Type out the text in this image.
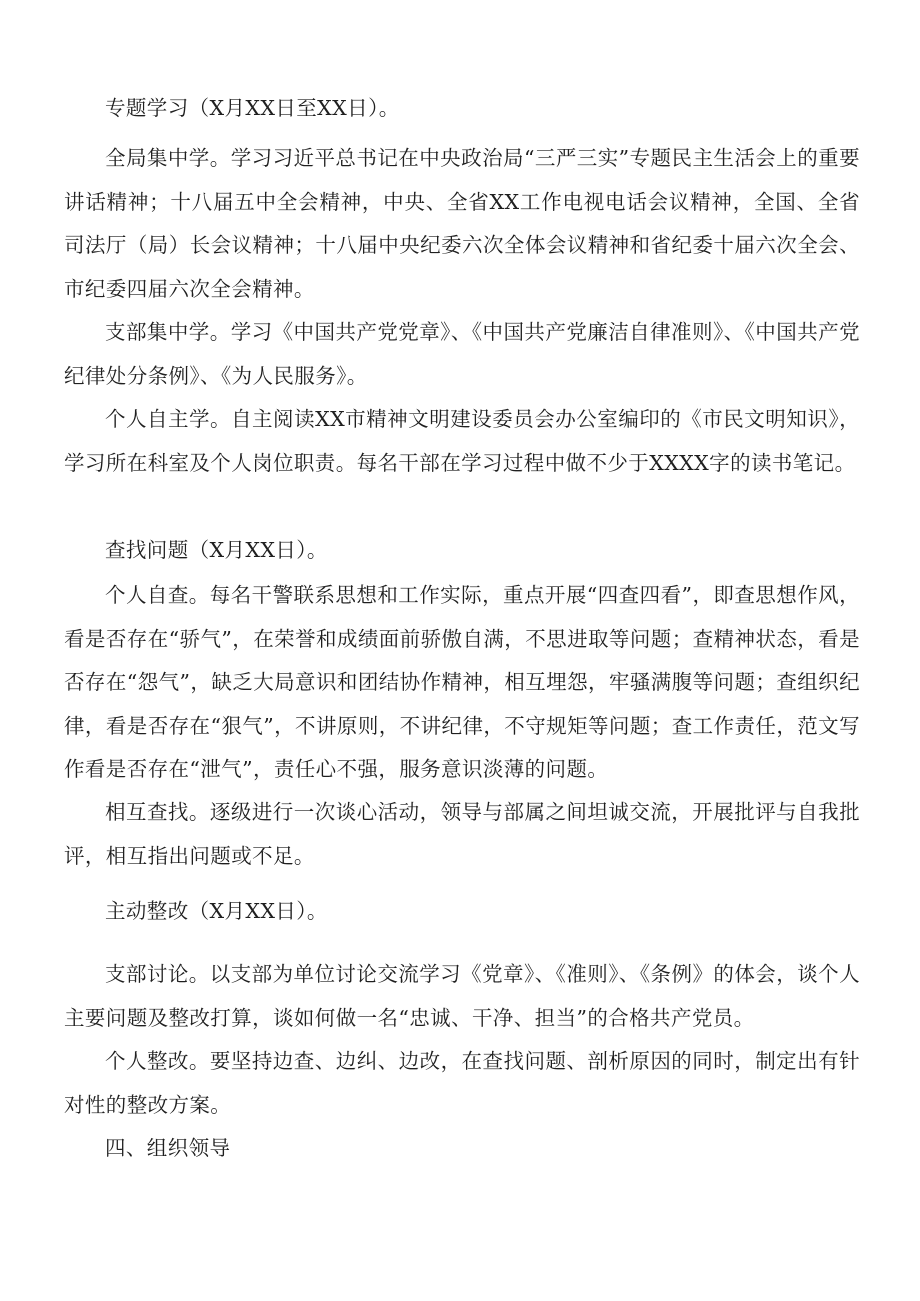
专题学习（X月XX日至XX日）。

全局集中学。学习习近平总书记在中央政治局“三严三实”专题民主生活会上的重要讲话精神；十八届五中全会精神，中央、全省XX工作电视电话会议精神，全国、全省司法厅（局）长会议精神；十八届中央纪委六次全体会议精神和省纪委十届六次全会、市纪委四届六次全会精神。

支部集中学。学习《中国共产党党章》、《中国共产党廉洁自律准则》、《中国共产党纪律处分条例》、《为人民服务》。

个人自主学。自主阅读XX市精神文明建设委员会办公室编印的《市民文明知识》，学习所在科室及个人岗位职责。每名干部在学习过程中做不少于XXXX字的读书笔记。

查找问题（X月XX日）。

个人自查。每名干警联系思想和工作实际，重点开展“四查四看”，即查思想作风，看是否存在“骄气”，在荣誉和成绩面前骄傲自满，不思进取等问题；查精神状态，看是否存在“怨气”，缺乏大局意识和团结协作精神，相互埋怨，牢骚满腹等问题；查组织纪律，看是否存在“狠气”，不讲原则，不讲纪律，不守规矩等问题；查工作责任，范文写作看是否存在“泄气”，责任心不强，服务意识淡薄的问题。

相互查找。逐级进行一次谈心活动，领导与部属之间坦诚交流，开展批评与自我批评，相互指出问题或不足。

主动整改（X月XX日）。

支部讨论。以支部为单位讨论交流学习《党章》、《准则》、《条例》的体会，谈个人主要问题及整改打算，谈如何做一名“忠诚、干净、担当”的合格共产党员。

个人整改。要坚持边查、边纠、边改，在查找问题、剖析原因的同时，制定出有针对性的整改方案。

四、组织领导
